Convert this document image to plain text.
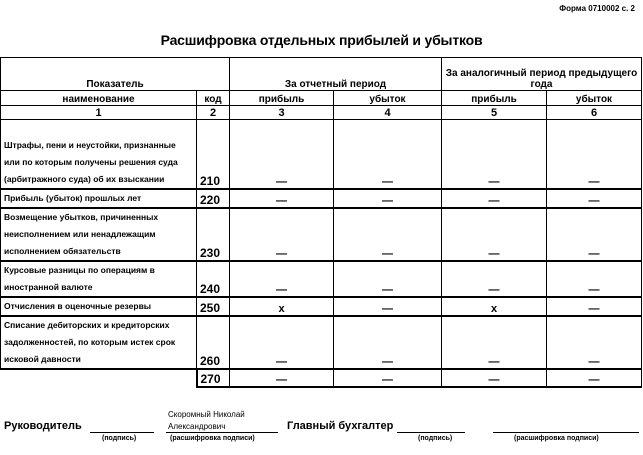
Форма 0710002 с. 2
Расшифровка отдельных прибылей и убытков
Показатель		За отчетный период		За аналогичный период предыдущего года	
наименование	код	прибыль	убыток	прибыль	убыток
1	2	3	4	5	6
Штрафы, пени и неустойки, признанные или по которым получены решения суда (арбитражного суда) об их взыскании	210	—	—	—	—
Прибыль (убыток) прошлых лет	220	—	—	—	—
Возмещение убытков, причиненных неисполнением или ненадлежащим исполнением обязательств	230	—	—	—	—
Курсовые разницы по операциям в иностранной валюте	240	—	—	—	—
Отчисления в оценочные резервы	250	х	—	х	—
Списание дебиторских и кредиторских задолженностей, по которым истек срок исковой давности	260	—	—	—	—
	270	—	—	—	—
Руководитель
(подпись)
Скоромный Николай Александрович
(расшифровка подписи)
Главный бухгалтер
(подпись)	(расшифровка подписи)
